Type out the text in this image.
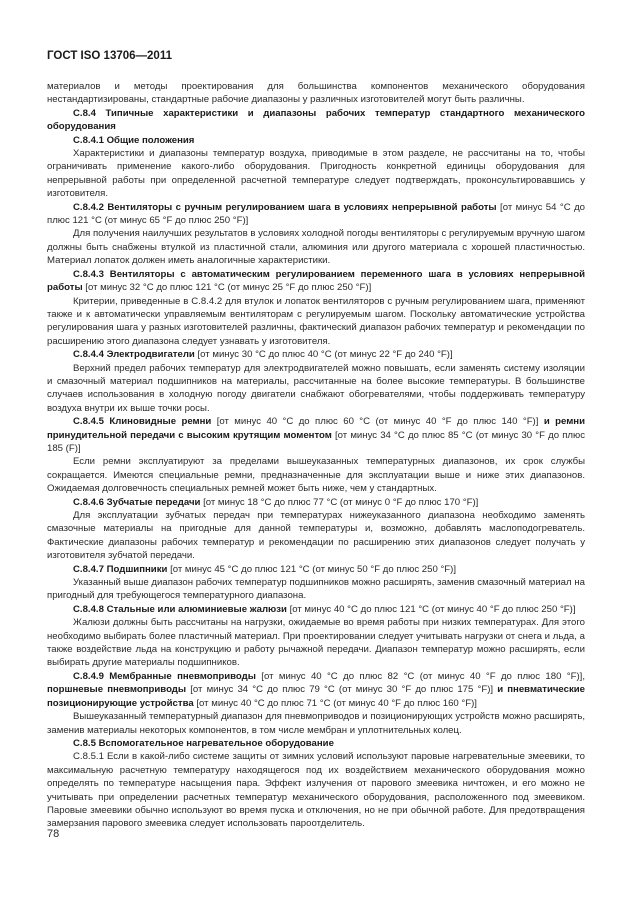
ГОСТ ISO 13706—2011

материалов и методы проектирования для большинства компонентов механического оборудования нестандартизированы, стандартные рабочие диапазоны у различных изготовителей могут быть различны.

С.8.4 Типичные характеристики и диапазоны рабочих температур стандартного механического оборудования

С.8.4.1 Общие положения

Характеристики и диапазоны температур воздуха, приводимые в этом разделе, не рассчитаны на то, чтобы ограничивать применение какого-либо оборудования. Пригодность конкретной единицы оборудования для непрерывной работы при определенной расчетной температуре следует подтверждать, проконсультировавшись у изготовителя.

С.8.4.2 Вентиляторы с ручным регулированием шага в условиях непрерывной работы [от минус 54 °С до плюс 121 °С (от минус 65 °F до плюс 250 °F)]

Для получения наилучших результатов в условиях холодной погоды вентиляторы с регулируемым вручную шагом должны быть снабжены втулкой из пластичной стали, алюминия или другого материала с хорошей пластичностью. Материал лопаток должен иметь аналогичные характеристики.

С.8.4.3 Вентиляторы с автоматическим регулированием переменного шага в условиях непрерывной работы [от минус 32 °С до плюс 121 °С (от минус 25 °F до плюс 250 °F)]

Критерии, приведенные в С.8.4.2 для втулок и лопаток вентиляторов с ручным регулированием шага, применяют также и к автоматически управляемым вентиляторам с регулируемым шагом. Поскольку автоматические устройства регулирования шага у разных изготовителей различны, фактический диапазон рабочих температур и рекомендации по расширению этого диапазона следует узнавать у изготовителя.

С.8.4.4 Электродвигатели [от минус 30 °С до плюс 40 °С (от минус 22 °F до 240 °F)]

Верхний предел рабочих температур для электродвигателей можно повышать, если заменять систему изоляции и смазочный материал подшипников на материалы, рассчитанные на более высокие температуры. В большинстве случаев использования в холодную погоду двигатели снабжают обогревателями, чтобы поддерживать температуру воздуха внутри их выше точки росы.

С.8.4.5 Клиновидные ремни [от минус 40 °С до плюс 60 °С (от минус 40 °F до плюс 140 °F)] и ремни принудительной передачи с высоким крутящим моментом [от минус 34 °С до плюс 85 °С (от минус 30 °F до плюс 185 (F)]

Если ремни эксплуатируют за пределами вышеуказанных температурных диапазонов, их срок службы сокращается. Имеются специальные ремни, предназначенные для эксплуатации выше и ниже этих диапазонов. Ожидаемая долговечность специальных ремней может быть ниже, чем у стандартных.

С.8.4.6 Зубчатые передачи [от минус 18 °С до плюс 77 °С (от минус 0 °F до плюс 170 °F)]

Для эксплуатации зубчатых передач при температурах нижеуказанного диапазона необходимо заменять смазочные материалы на пригодные для данной температуры и, возможно, добавлять маслоподогреватель. Фактические диапазоны рабочих температур и рекомендации по расширению этих диапазонов следует получать у изготовителя зубчатой передачи.

С.8.4.7 Подшипники [от минус 45 °С до плюс 121 °С (от минус 50 °F до плюс 250 °F)]

Указанный выше диапазон рабочих температур подшипников можно расширять, заменив смазочный материал на пригодный для требующегося температурного диапазона.

С.8.4.8 Стальные или алюминиевые жалюзи [от минус 40 °С до плюс 121 °С (от минус 40 °F до плюс 250 °F)]

Жалюзи должны быть рассчитаны на нагрузки, ожидаемые во время работы при низких температурах. Для этого необходимо выбирать более пластичный материал. При проектировании следует учитывать нагрузки от снега и льда, а также воздействие льда на конструкцию и работу рычажной передачи. Диапазон температур можно расширять, если выбирать другие материалы подшипников.

С.8.4.9 Мембранные пневмоприводы [от минус 40 °С до плюс 82 °С (от минус 40 °F до плюс 180 °F)], поршневые пневмоприводы [от минус 34 °С до плюс 79 °С (от минус 30 °F до плюс 175 °F)] и пневматические позиционирующие устройства [от минус 40 °С до плюс 71 °С (от минус 40 °F до плюс 160 °F)]

Вышеуказанный температурный диапазон для пневмоприводов и позиционирующих устройств можно расширять, заменив материалы некоторых компонентов, в том числе мембран и уплотнительных колец.

С.8.5 Вспомогательное нагревательное оборудование

С.8.5.1 Если в какой-либо системе защиты от зимних условий используют паровые нагревательные змеевики, то максимальную расчетную температуру находящегося под их воздействием механического оборудования можно определять по температуре насыщения пара. Эффект излучения от парового змеевика ничтожен, и его можно не учитывать при определении расчетных температур механического оборудования, расположенного под змеевиком. Паровые змеевики обычно используют во время пуска и отключения, но не при обычной работе. Для предотвращения замерзания парового змеевика следует использовать пароотделитель.

78
